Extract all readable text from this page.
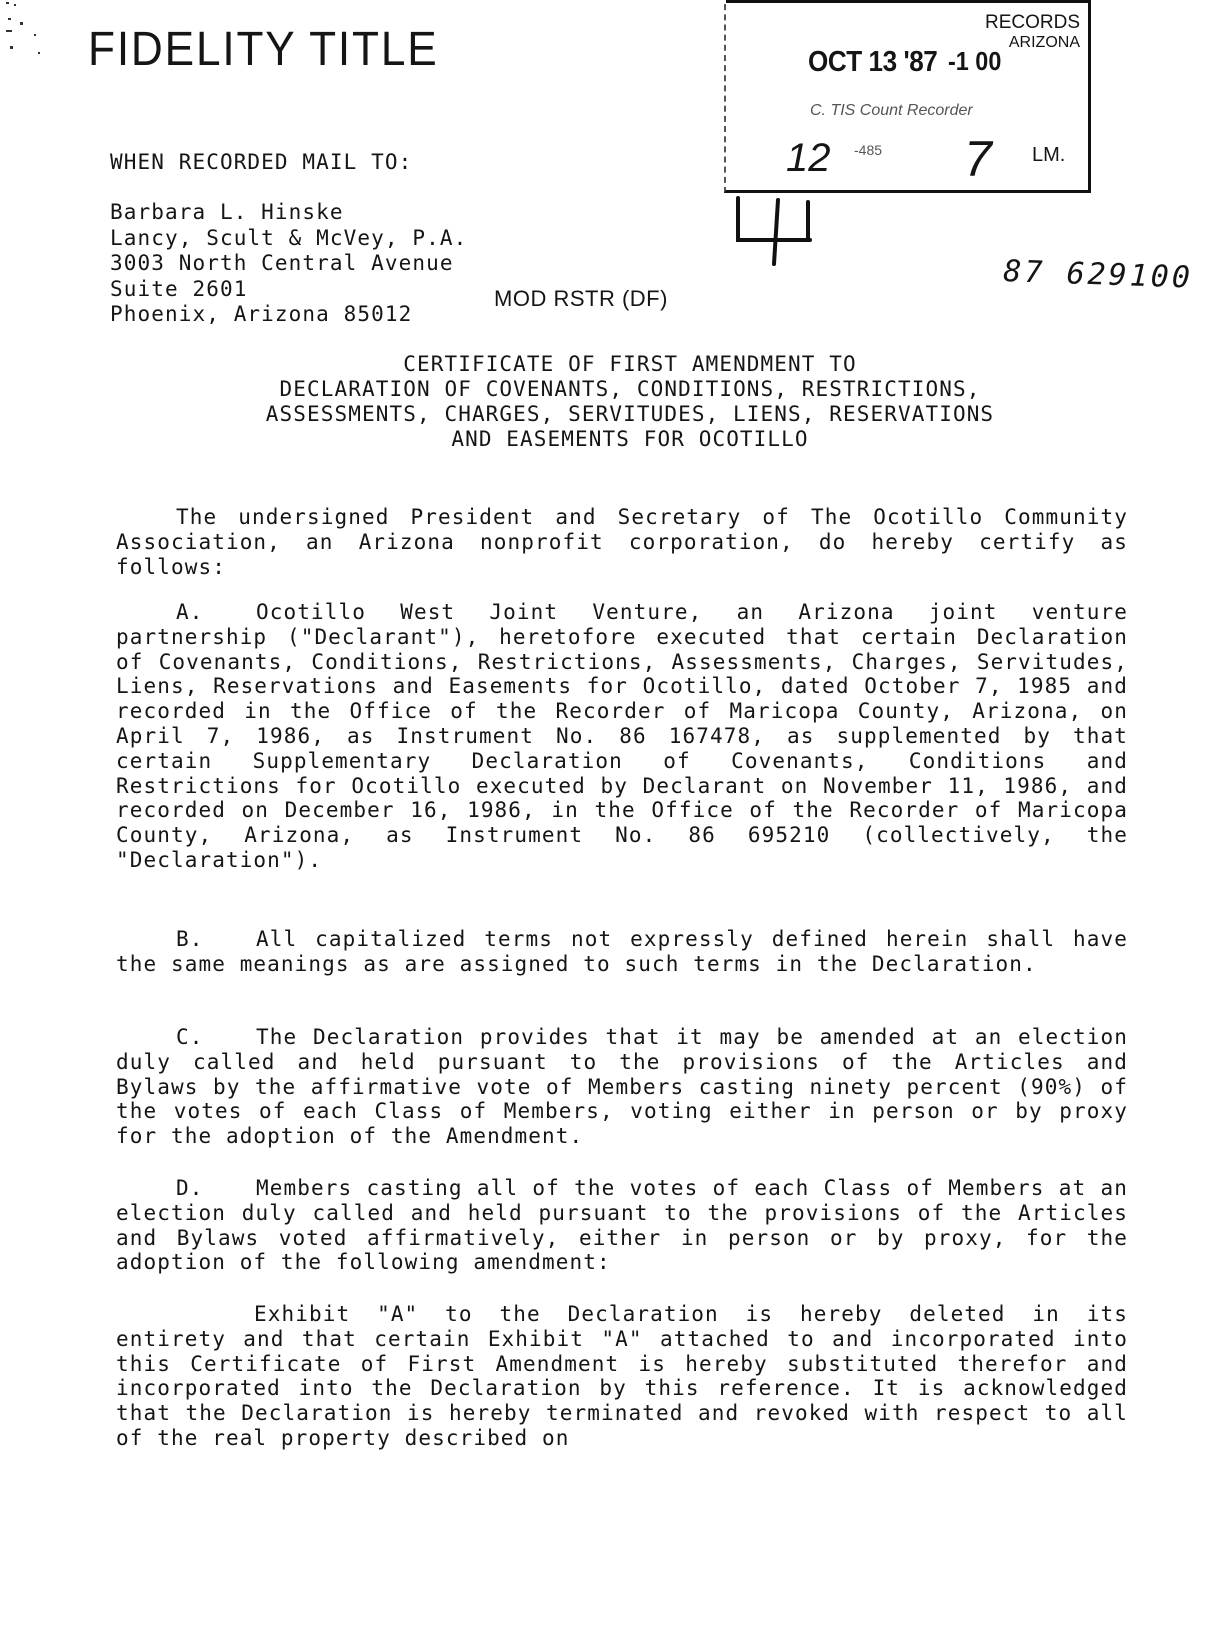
FIDELITY TITLE
RECORDS
ARIZONA
OCT 13 '87 -1 00
C. TIS Count Recorder
12 -485 7 LM.
87 629100
WHEN RECORDED MAIL TO:
Barbara L. Hinske
Lancy, Scult & McVey, P.A.
3003 North Central Avenue
Suite 2601
Phoenix, Arizona 85012
MOD RSTR (DF)
CERTIFICATE OF FIRST AMENDMENT TO
DECLARATION OF COVENANTS, CONDITIONS, RESTRICTIONS,
ASSESSMENTS, CHARGES, SERVITUDES, LIENS, RESERVATIONS
AND EASEMENTS FOR OCOTILLO
The undersigned President and Secretary of The Ocotillo Community Association, an Arizona nonprofit corporation, do hereby certify as follows:
A.	Ocotillo West Joint Venture, an Arizona joint venture partnership ("Declarant"), heretofore executed that certain Declaration of Covenants, Conditions, Restrictions, Assessments, Charges, Servitudes, Liens, Reservations and Easements for Ocotillo, dated October 7, 1985 and recorded in the Office of the Recorder of Maricopa County, Arizona, on April 7, 1986, as Instrument No. 86 167478, as supplemented by that certain Supplementary Declaration of Covenants, Conditions and Restrictions for Ocotillo executed by Declarant on November 11, 1986, and recorded on December 16, 1986, in the Office of the Recorder of Maricopa County, Arizona, as Instrument No. 86 695210 (collectively, the "Declaration").
B.	All capitalized terms not expressly defined herein shall have the same meanings as are assigned to such terms in the Declaration.
C.	The Declaration provides that it may be amended at an election duly called and held pursuant to the provisions of the Articles and Bylaws by the affirmative vote of Members casting ninety percent (90%) of the votes of each Class of Members, voting either in person or by proxy for the adoption of the Amendment.
D.	Members casting all of the votes of each Class of Members at an election duly called and held pursuant to the provisions of the Articles and Bylaws voted affirmatively, either in person or by proxy, for the adoption of the following amendment:
Exhibit "A" to the Declaration is hereby deleted in its entirety and that certain Exhibit "A" attached to and incorporated into this Certificate of First Amendment is hereby substituted therefor and incorporated into the Declaration by this reference. It is acknowledged that the Declaration is hereby terminated and revoked with respect to all of the real property described on
